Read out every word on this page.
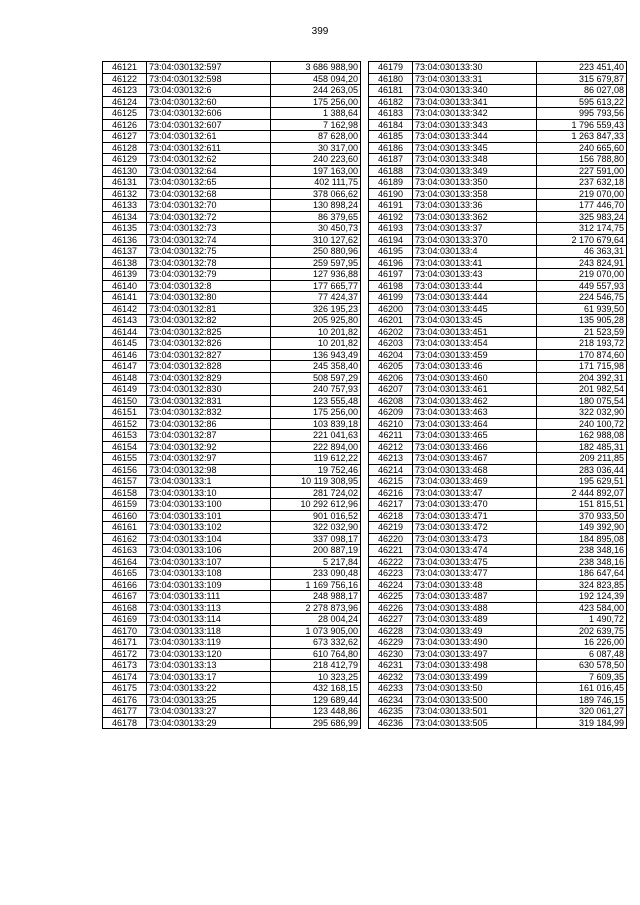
399
46121	73:04:030132:597	3 686 988,90
46122	73:04:030132:598	458 094,20
46123	73:04:030132:6	244 263,05
46124	73:04:030132:60	175 256,00
46125	73:04:030132:606	1 388,64
46126	73:04:030132:607	7 162,98
46127	73:04:030132:61	87 628,00
46128	73:04:030132:611	30 317,00
46129	73:04:030132:62	240 223,60
46130	73:04:030132:64	197 163,00
46131	73:04:030132:65	402 111,75
46132	73:04:030132:68	378 066,62
46133	73:04:030132:70	130 898,24
46134	73:04:030132:72	86 379,65
46135	73:04:030132:73	30 450,73
46136	73:04:030132:74	310 127,62
46137	73:04:030132:75	250 880,96
46138	73:04:030132:78	259 597,95
46139	73:04:030132:79	127 936,88
46140	73:04:030132:8	177 665,77
46141	73:04:030132:80	77 424,37
46142	73:04:030132:81	326 195,23
46143	73:04:030132:82	205 925,80
46144	73:04:030132:825	10 201,82
46145	73:04:030132:826	10 201,82
46146	73:04:030132:827	136 943,49
46147	73:04:030132:828	245 358,40
46148	73:04:030132:829	508 597,29
46149	73:04:030132:830	240 757,93
46150	73:04:030132:831	123 555,48
46151	73:04:030132:832	175 256,00
46152	73:04:030132:86	103 839,18
46153	73:04:030132:87	221 041,63
46154	73:04:030132:92	222 894,00
46155	73:04:030132:97	119 612,22
46156	73:04:030132:98	19 752,46
46157	73:04:030133:1	10 119 308,95
46158	73:04:030133:10	281 724,02
46159	73:04:030133:100	10 292 612,96
46160	73:04:030133:101	901 016,52
46161	73:04:030133:102	322 032,90
46162	73:04:030133:104	337 098,17
46163	73:04:030133:106	200 887,19
46164	73:04:030133:107	5 217,84
46165	73:04:030133:108	233 090,48
46166	73:04:030133:109	1 169 756,16
46167	73:04:030133:111	248 988,17
46168	73:04:030133:113	2 278 873,96
46169	73:04:030133:114	28 004,24
46170	73:04:030133:118	1 073 905,00
46171	73:04:030133:119	673 332,62
46172	73:04:030133:120	610 764,80
46173	73:04:030133:13	218 412,79
46174	73:04:030133:17	10 323,25
46175	73:04:030133:22	432 168,15
46176	73:04:030133:25	129 689,44
46177	73:04:030133:27	123 448,86
46178	73:04:030133:29	295 686,99
46179	73:04:030133:30	223 451,40
46180	73:04:030133:31	315 679,87
46181	73:04:030133:340	86 027,08
46182	73:04:030133:341	595 613,22
46183	73:04:030133:342	995 793,56
46184	73:04:030133:343	1 796 559,43
46185	73:04:030133:344	1 263 847,33
46186	73:04:030133:345	240 665,60
46187	73:04:030133:348	156 788,80
46188	73:04:030133:349	227 591,00
46189	73:04:030133:350	237 632,18
46190	73:04:030133:358	219 070,00
46191	73:04:030133:36	177 446,70
46192	73:04:030133:362	325 983,24
46193	73:04:030133:37	312 174,75
46194	73:04:030133:370	2 170 679,64
46195	73:04:030133:4	46 363,31
46196	73:04:030133:41	243 824,91
46197	73:04:030133:43	219 070,00
46198	73:04:030133:44	449 557,93
46199	73:04:030133:444	224 546,75
46200	73:04:030133:445	61 939,50
46201	73:04:030133:45	135 905,28
46202	73:04:030133:451	21 523,59
46203	73:04:030133:454	218 193,72
46204	73:04:030133:459	170 874,60
46205	73:04:030133:46	171 715,98
46206	73:04:030133:460	204 392,31
46207	73:04:030133:461	201 982,54
46208	73:04:030133:462	180 075,54
46209	73:04:030133:463	322 032,90
46210	73:04:030133:464	240 100,72
46211	73:04:030133:465	162 988,08
46212	73:04:030133:466	182 485,31
46213	73:04:030133:467	209 211,85
46214	73:04:030133:468	283 036,44
46215	73:04:030133:469	195 629,51
46216	73:04:030133:47	2 444 892,07
46217	73:04:030133:470	151 815,51
46218	73:04:030133:471	370 933,50
46219	73:04:030133:472	149 392,90
46220	73:04:030133:473	184 895,08
46221	73:04:030133:474	238 348,16
46222	73:04:030133:475	238 348,16
46223	73:04:030133:477	186 647,64
46224	73:04:030133:48	324 823,85
46225	73:04:030133:487	192 124,39
46226	73:04:030133:488	423 584,00
46227	73:04:030133:489	1 490,72
46228	73:04:030133:49	202 639,75
46229	73:04:030133:490	16 226,00
46230	73:04:030133:497	6 087,48
46231	73:04:030133:498	630 578,50
46232	73:04:030133:499	7 609,35
46233	73:04:030133:50	161 016,45
46234	73:04:030133:500	189 746,15
46235	73:04:030133:501	320 061,27
46236	73:04:030133:505	319 184,99
